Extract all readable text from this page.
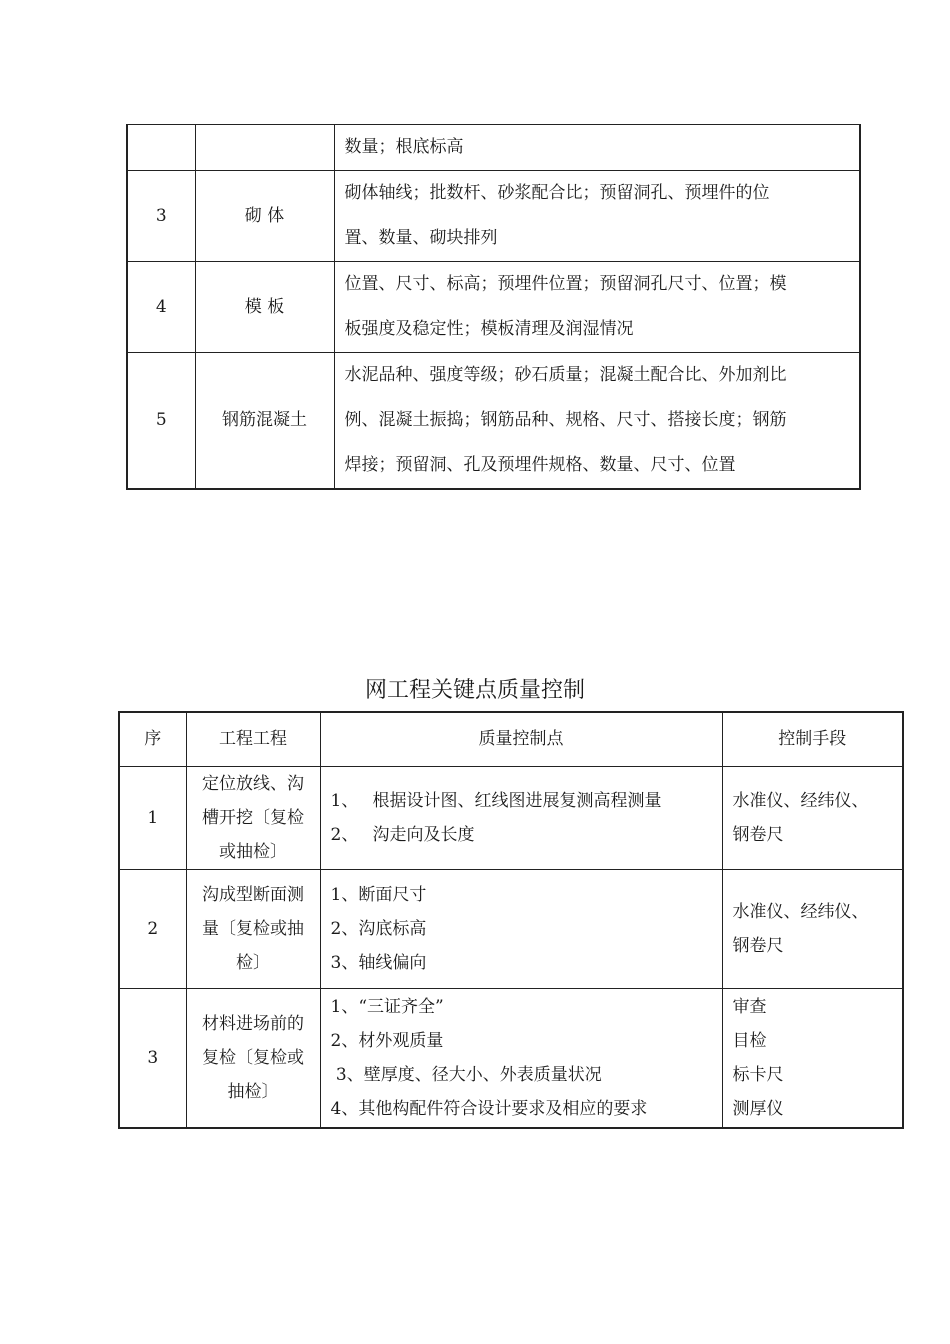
		数量；根底标高

3	砌 体	砌体轴线；批数杆、砂浆配合比；预留洞孔、预埋件的位
置、数量、砌块排列

4	模 板	位置、尺寸、标高；预埋件位置；预留洞孔尺寸、位置；模
板强度及稳定性；模板清理及润湿情况

5	钢筋混凝土	水泥品种、强度等级；砂石质量；混凝土配合比、外加剂比
例、混凝土振捣；钢筋品种、规格、尺寸、搭接长度；钢筋
焊接；预留洞、孔及预埋件规格、数量、尺寸、位置
网工程关键点质量控制
序	工程工程	质量控制点	控制手段
1	定位放线、沟
槽开挖〔复检
或抽检〕	1、 根据设计图、红线图进展复测高程测量
2、 沟走向及长度	水准仪、经纬仪、
钢卷尺

2	沟成型断面测
量〔复检或抽
检〕	1、断面尺寸
2、沟底标高
3、轴线偏向	水准仪、经纬仪、
钢卷尺

3	材料进场前的
复检〔复检或
抽检〕	1、“三证齐全”
2、材外观质量
3、壁厚度、径大小、外表质量状况
4、其他构配件符合设计要求及相应的要求	审查
目检
标卡尺
测厚仪
